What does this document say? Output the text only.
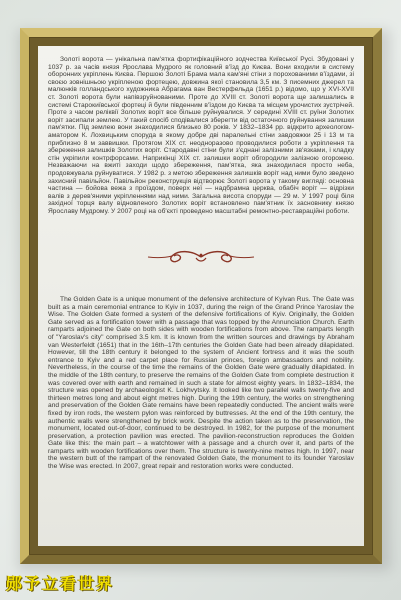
Золоті ворота — унікальна пам'ятка фортифікаційного зодчества Київської Русі. Збудовані у 1037 р. за часів князя Ярослава Мудрого як головний в'їзд до Києва. Вони входили в систему оборонних укріплень Києва. Першою Золоті Брама мала кам'яні стіни з порохованими в'їздами, зі своєю зовнішньою укріпленою фортецею, довжина якої становила 3,5 км. З писемних джерел та малюнків голландського художника Абрагама ван Вестерфельда (1651 р.) відомо, що у XVI-XVII ст. Золоті ворота були напівзруйнованими. Проте до XVIII ст. Золоті ворота ще залишались в системі Старокиївської фортеці й були південним в'їздом до Києва та місцем урочистих зустрічей. Проте з часом реліквії Золотих воріт все більше руйнувалися. У середині XVIII ст. руїни Золотих воріт засипали землею. У такий спосіб сподівалися зберегти від остаточного руйнування залишки пам'ятки. Під землею вони знаходилися близько 80 років. У 1832–1834 рр. відкрито археологом-аматором К. Лохвицьким споруда в якому добре дві паралельні стіни завдовжки 25 і 13 м та приблизно 8 м заввишки. Протягом XIX ст. неодноразово проводилися роботи з укріплення та збереження залишків Золотих воріт. Стародавні стіни були з'єднані залізними зв'язками, і кладку стін укріпили контрфорсами. Наприкінці XIX ст. залишки воріт обгородили залізною огорожею. Незважаючи на вжиті заходи щодо збереження, пам'ятка, яка знаходилася просто неба, продовжувала руйнуватися. У 1982 р. з метою збереження залишків воріт над ними було зведено захисний павільйон. Павільйон реконструкція відтворює Золоті ворота у такому вигляді: основна частина — бойова вежа з проїздом, поверх неї — надбрамна церква, обабіч воріт — відрізки валів з дерев'яними укріпленнями над ними. Загальна висота споруди — 29 м. У 1997 році біля західної торця валу відновленого Золотих воріт встановлено пам'ятник їх засновнику князю Ярославу Мудрому. У 2007 році на об'єкті проведено масштабні ремонтно-реставраційні роботи.
The Golden Gate is a unique monument of the defensive architecture of Kyivan Rus. The Gate was built as a main ceremonial entrance to Kyiv in 1037, during the reign of the Grand Prince Yaroslav the Wise. The Golden Gate formed a system of the defensive fortifications of Kyiv. Originally, the Golden Gate served as a fortification tower with a passage that was topped by the Annunciation Church. Earth ramparts adjoined the Gate on both sides with wooden fortifications from above. The ramparts length of "Yaroslav's city" comprised 3.5 km. It is known from the written sources and drawings by Abraham van Westerfeldt (1651) that in the 16th–17th centuries the Golden Gate had been already dilapidated. However, till the 18th century it belonged to the system of Ancient fortress and it was the south entrance to Kyiv and a red carpet place for Russian princes, foreign ambassadors and nobility. Nevertheless, in the course of the time the remains of the Golden Gate were gradually dilapidated. In the middle of the 18th century, to preserve the remains of the Golden Gate from complete destruction it was covered over with earth and remained in such a state for almost eighty years. In 1832–1834, the structure was opened by archaeologist K. Lokhvytsky. It looked like two parallel walls twenty-five and thirteen metres long and about eight metres high. During the 19th century, the works on strengthening and preservation of the Golden Gate remains have been repeatedly conducted. The ancient walls were fixed by iron rods, the western pylon was reinforced by buttresses. At the end of the 19th century, the authentic walls were strengthened by brick work. Despite the action taken as to the preservation, the monument, located out-of-door, continued to be destroyed. In 1982, for the purpose of the monument preservation, a protection pavilion was erected. The pavilion-reconstruction reproduces the Golden Gate like this: the main part – a watchtower with a passage and a church over it, and parts of the ramparts with wooden fortifications over them. The structure is twenty-nine metres high. In 1997, near the western butt of the rampart of the renovated Golden Gate, the monument to its founder Yaroslav the Wise was erected. In 2007, great repair and restoration works were conducted.
郧予立看世界
